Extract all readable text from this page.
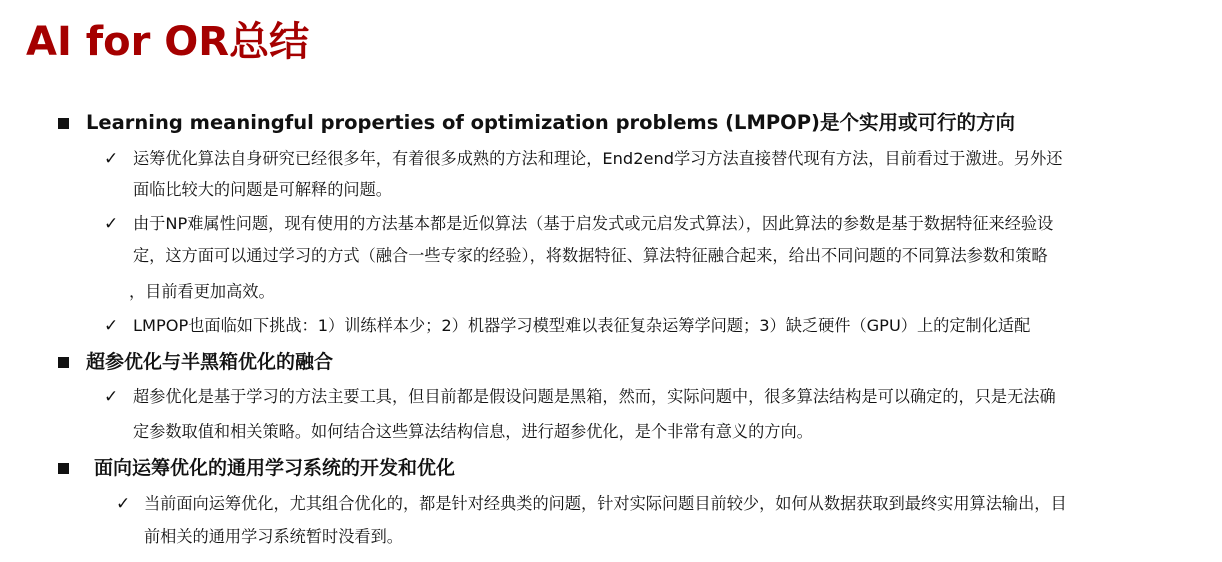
AI for OR总结
Learning meaningful properties of optimization problems (LMPOP)是个实用或可行的方向
✓ 运筹优化算法自身研究已经很多年，有着很多成熟的方法和理论，End2end学习方法直接替代现有方法，目前看过于激进。另外还
面临比较大的问题是可解释的问题。
✓ 由于NP难属性问题，现有使用的方法基本都是近似算法（基于启发式或元启发式算法），因此算法的参数是基于数据特征来经验设
定，这方面可以通过学习的方式（融合一些专家的经验），将数据特征、算法特征融合起来，给出不同问题的不同算法参数和策略
，目前看更加高效。
✓ LMPOP也面临如下挑战：1）训练样本少；2）机器学习模型难以表征复杂运筹学问题；3）缺乏硬件（GPU）上的定制化适配
超参优化与半黑箱优化的融合
✓ 超参优化是基于学习的方法主要工具，但目前都是假设问题是黑箱，然而，实际问题中，很多算法结构是可以确定的，只是无法确
定参数取值和相关策略。如何结合这些算法结构信息，进行超参优化，是个非常有意义的方向。
面向运筹优化的通用学习系统的开发和优化
✓ 当前面向运筹优化，尤其组合优化的，都是针对经典类的问题，针对实际问题目前较少，如何从数据获取到最终实用算法输出，目
前相关的通用学习系统暂时没看到。
